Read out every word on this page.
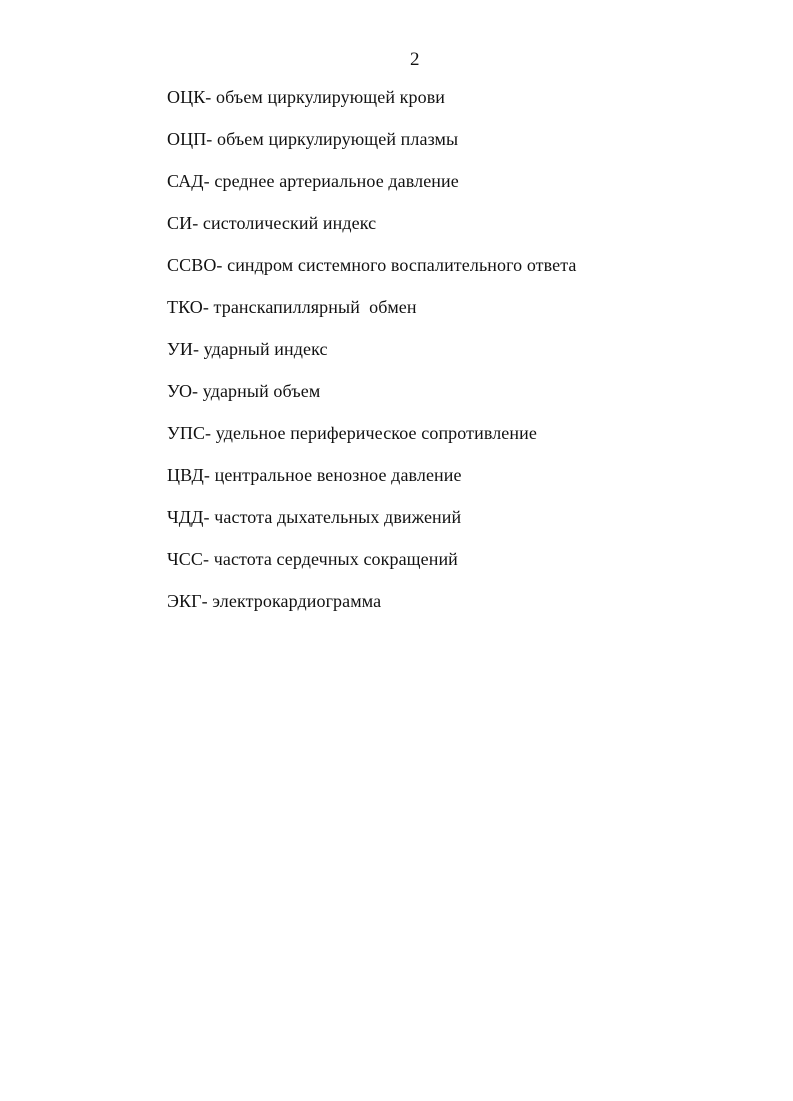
2
ОЦК- объем циркулирующей крови
ОЦП- объем циркулирующей плазмы
САД- среднее артериальное давление
СИ- систолический индекс
ССВО- синдром системного воспалительного ответа
ТКО- транскапиллярный  обмен
УИ- ударный индекс
УО- ударный объем
УПС- удельное периферическое сопротивление
ЦВД- центральное венозное давление
ЧДД- частота дыхательных движений
ЧСС- частота сердечных сокращений
ЭКГ- электрокардиограмма
